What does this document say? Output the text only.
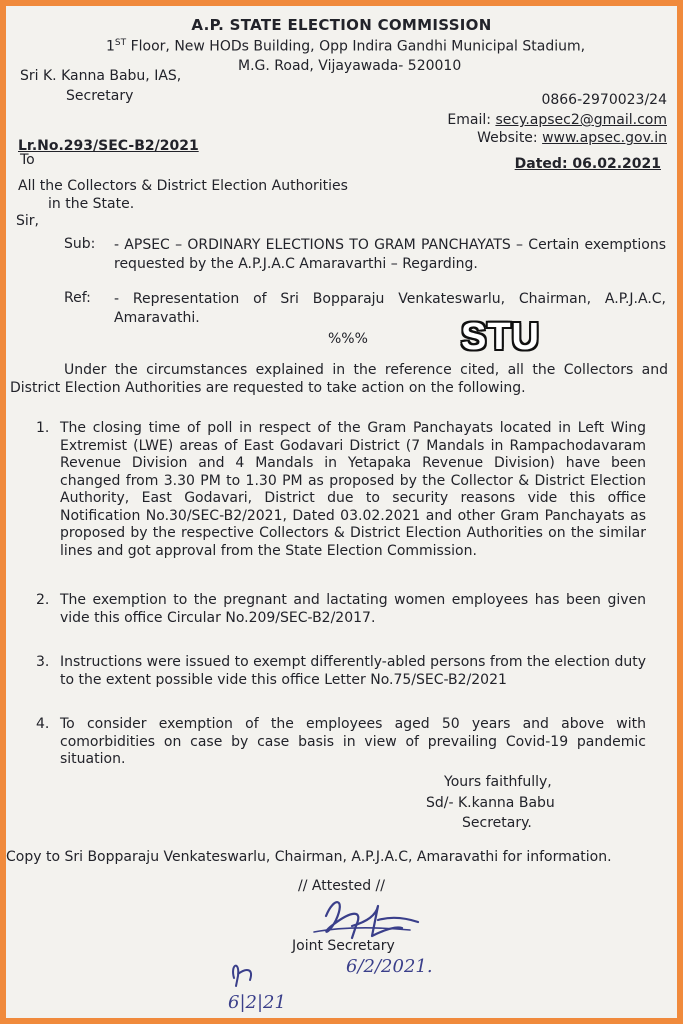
A.P. STATE ELECTION COMMISSION
1ST Floor, New HODs Building, Opp Indira Gandhi Municipal Stadium,
M.G. Road, Vijayawada- 520010
Sri K. Kanna Babu, IAS,
Secretary	0866-2970023/24
Email: secy.apsec2@gmail.com
Website: www.apsec.gov.in
Lr.No.293/SEC-B2/2021
To	Dated: 06.02.2021
All the Collectors & District Election Authorities
in the State.
Sir,
Sub: - APSEC – ORDINARY ELECTIONS TO GRAM PANCHAYATS – Certain exemptions requested by the A.P.J.A.C Amaravarthi – Regarding.
Ref: - Representation of Sri Bopparaju Venkateswarlu, Chairman, A.P.J.A.C, Amaravathi.
%%% STU
Under the circumstances explained in the reference cited, all the Collectors and District Election Authorities are requested to take action on the following.
1. The closing time of poll in respect of the Gram Panchayats located in Left Wing Extremist (LWE) areas of East Godavari District (7 Mandals in Rampachodavaram Revenue Division and 4 Mandals in Yetapaka Revenue Division) have been changed from 3.30 PM to 1.30 PM as proposed by the Collector & District Election Authority, East Godavari, District due to security reasons vide this office Notification No.30/SEC-B2/2021, Dated 03.02.2021 and other Gram Panchayats as proposed by the respective Collectors & District Election Authorities on the similar lines and got approval from the State Election Commission.
2. The exemption to the pregnant and lactating women employees has been given vide this office Circular No.209/SEC-B2/2017.
3. Instructions were issued to exempt differently-abled persons from the election duty to the extent possible vide this office Letter No.75/SEC-B2/2021
4. To consider exemption of the employees aged 50 years and above with comorbidities on case by case basis in view of prevailing Covid-19 pandemic situation.
Yours faithfully,
Sd/- K.kanna Babu
Secretary.
Copy to Sri Bopparaju Venkateswarlu, Chairman, A.P.J.A.C, Amaravathi for information.
// Attested //
Joint Secretary
6/2/2021.
6|2|21
